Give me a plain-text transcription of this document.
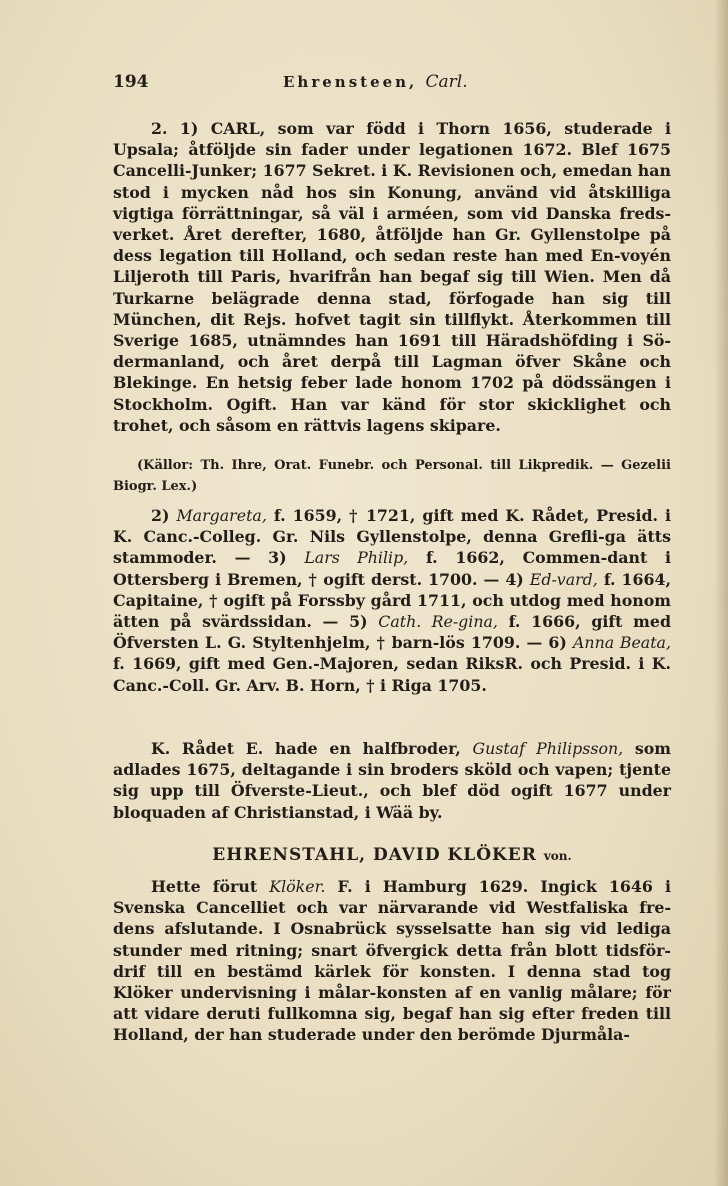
194	Ehrensteen, Carl.

2. 1) CARL, som var född i Thorn 1656, studerade i Upsala; åtföljde sin fader under legationen 1672. Blef 1675 Cancelli-Junker; 1677 Sekret. i K. Revisionen och, emedan han stod i mycken nåd hos sin Konung, använd vid åtskilliga vigtiga förrättningar, så väl i arméen, som vid Danska freds-verket. Året derefter, 1680, åtföljde han Gr. Gyllenstolpe på dess legation till Holland, och sedan reste han med En-voyén Liljeroth till Paris, hvarifrån han begaf sig till Wien. Men då Turkarne belägrade denna stad, förfogade han sig till München, dit Rejs. hofvet tagit sin tillflykt. Återkommen till Sverige 1685, utnämndes han 1691 till Häradshöfding i Sö-dermanland, och året derpå till Lagman öfver Skåne och Blekinge. En hetsig feber lade honom 1702 på dödssängen i Stockholm. Ogift. Han var känd för stor skicklighet och trohet, och såsom en rättvis lagens skipare.

(Källor: Th. Ihre, Orat. Funebr. och Personal. till Likpredik. — Gezelii Biogr. Lex.)

2) Margareta, f. 1659, † 1721, gift med K. Rådet, Presid. i K. Canc.-Colleg. Gr. Nils Gyllenstolpe, denna Grefli-ga ätts stammoder. — 3) Lars Philip, f. 1662, Commen-dant i Ottersberg i Bremen, † ogift derst. 1700. — 4) Ed-vard, f. 1664, Capitaine, † ogift på Forssby gård 1711, och utdog med honom ätten på svärdssidan. — 5) Cath. Re-gina, f. 1666, gift med Öfversten L. G. Styltenhjelm, † barn-lös 1709. — 6) Anna Beata, f. 1669, gift med Gen.-Majoren, sedan RiksR. och Presid. i K. Canc.-Coll. Gr. Arv. B. Horn, † i Riga 1705.

K. Rådet E. hade en halfbroder, Gustaf Philipsson, som adlades 1675, deltagande i sin broders sköld och vapen; tjente sig upp till Öfverste-Lieut., och blef död ogift 1677 under bloquaden af Christianstad, i Wää by.

EHRENSTAHL, DAVID KLÖKER von.

Hette förut Klöker. F. i Hamburg 1629. Ingick 1646 i Svenska Cancelliet och var närvarande vid Westfaliska fre-dens afslutande. I Osnabrück sysselsatte han sig vid lediga stunder med ritning; snart öfvergick detta från blott tidsför-drif till en bestämd kärlek för konsten. I denna stad tog Klöker undervisning i målar-konsten af en vanlig målare; för att vidare deruti fullkomna sig, begaf han sig efter freden till Holland, der han studerade under den berömde Djurmåla-
